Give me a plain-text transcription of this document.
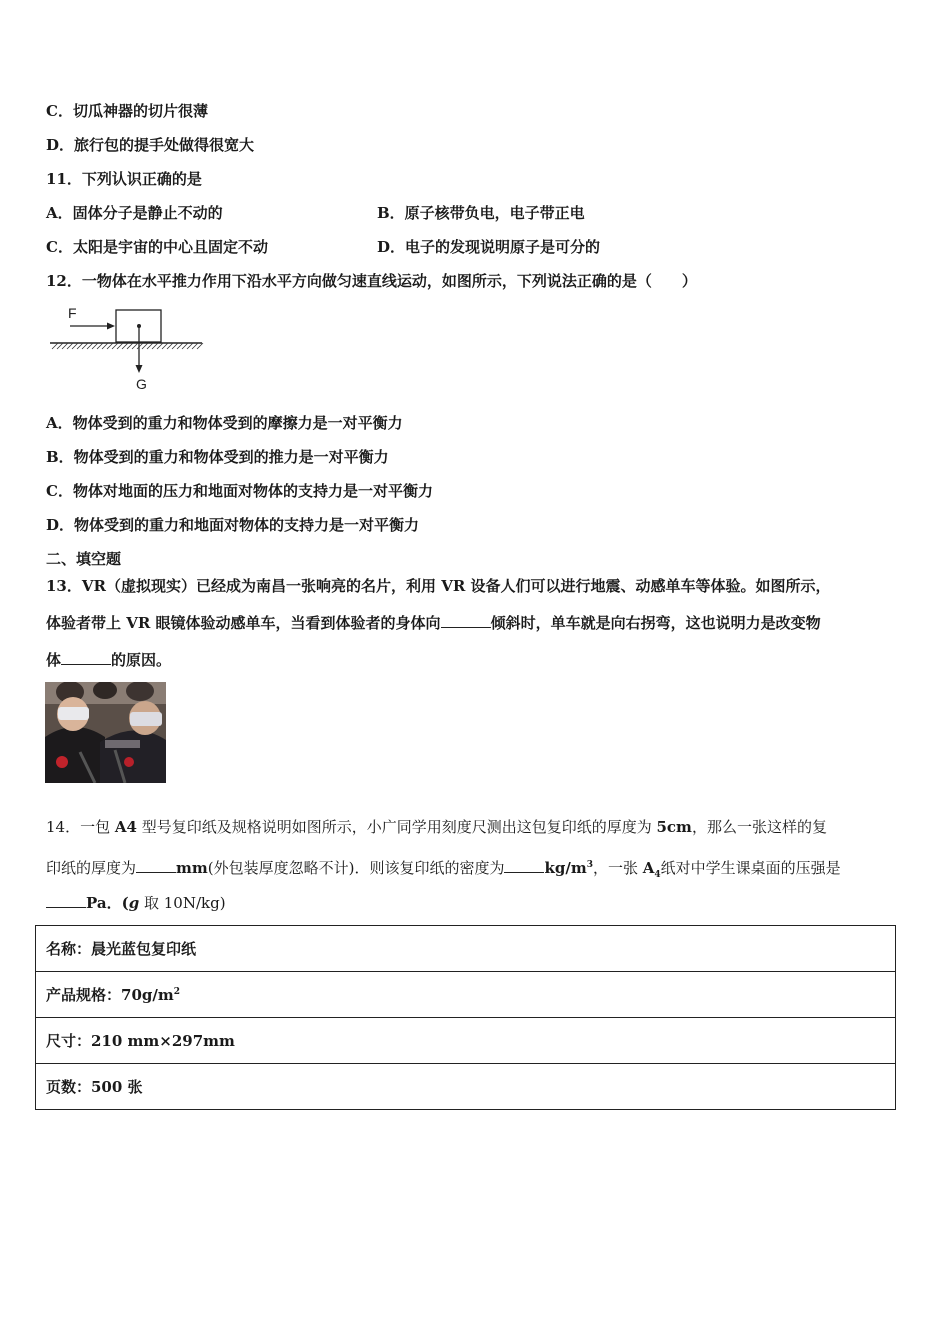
C．切瓜神器的切片很薄
D．旅行包的提手处做得很宽大
11．下列认识正确的是
A．固体分子是静止不动的	B．原子核带负电，电子带正电
C．太阳是宇宙的中心且固定不动	D．电子的发现说明原子是可分的
12．一物体在水平推力作用下沿水平方向做匀速直线运动，如图所示，下列说法正确的是（　　）
F
G
A．物体受到的重力和物体受到的摩擦力是一对平衡力
B．物体受到的重力和物体受到的推力是一对平衡力
C．物体对地面的压力和地面对物体的支持力是一对平衡力
D．物体受到的重力和地面对物体的支持力是一对平衡力
二、填空题
13．VR（虚拟现实）已经成为南昌一张响亮的名片，利用 VR 设备人们可以进行地震、动感单车等体验。如图所示，
体验者带上 VR 眼镜体验动感单车，当看到体验者的身体向	倾斜时，单车就是向右拐弯，这也说明力是改变物
体	的原因。
14．一包 A4 型号复印纸及规格说明如图所示，小广同学用刻度尺测出这包复印纸的厚度为 5cm，那么一张这样的复
印纸的厚度为	mm(外包装厚度忽略不计)．则该复印纸的密度为	$kg/m^3$，一张 $A_4$纸对中学生课桌面的压强是
Pa．(g 取 10N/kg)
名称：晨光蓝包复印纸
产品规格：$70g/m^2$
尺寸：210 mm×297mm
页数：500 张
